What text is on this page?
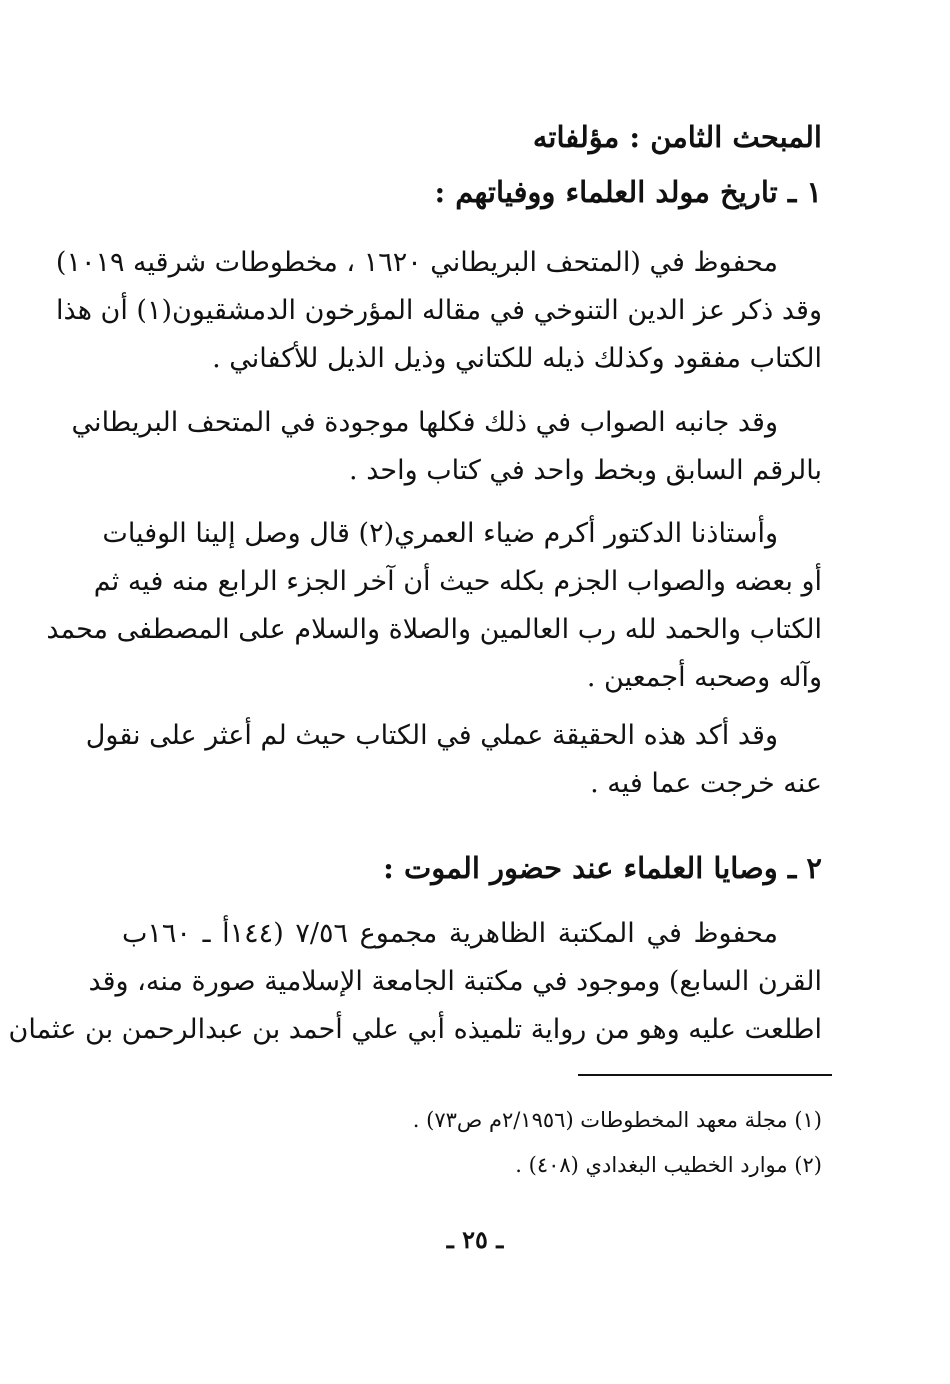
المبحث الثامن : مؤلفاته
١ ـ تاريخ مولد العلماء ووفياتهم :
محفوظ في (المتحف البريطاني ١٦٢٠ ، مخطوطات شرقيه ١٠١٩)
وقد ذكر عز الدين التنوخي في مقاله المؤرخون الدمشقيون(١) أن هذا
الكتاب مفقود وكذلك ذيله للكتاني وذيل الذيل للأكفاني .
وقد جانبه الصواب في ذلك فكلها موجودة في المتحف البريطاني
بالرقم السابق وبخط واحد في كتاب واحد .
وأستاذنا الدكتور أكرم ضياء العمري(٢) قال وصل إلينا الوفيات
أو بعضه والصواب الجزم بكله حيث أن آخر الجزء الرابع منه فيه ثم
الكتاب والحمد لله رب العالمين والصلاة والسلام على المصطفى محمد
وآله وصحبه أجمعين .
وقد أكد هذه الحقيقة عملي في الكتاب حيث لم أعثر على نقول
عنه خرجت عما فيه .
٢ ـ وصايا العلماء عند حضور الموت :
محفوظ في المكتبة الظاهرية مجموع ٧/٥٦ (١٤٤أ ـ ١٦٠ب
القرن السابع) وموجود في مكتبة الجامعة الإسلامية صورة منه، وقد
اطلعت عليه وهو من رواية تلميذه أبي علي أحمد بن عبدالرحمن بن عثمان
(١) مجلة معهد المخطوطات (٢/١٩٥٦م ص٧٣) .
(٢) موارد الخطيب البغدادي (٤٠٨) .
ـ ٢٥ ـ
